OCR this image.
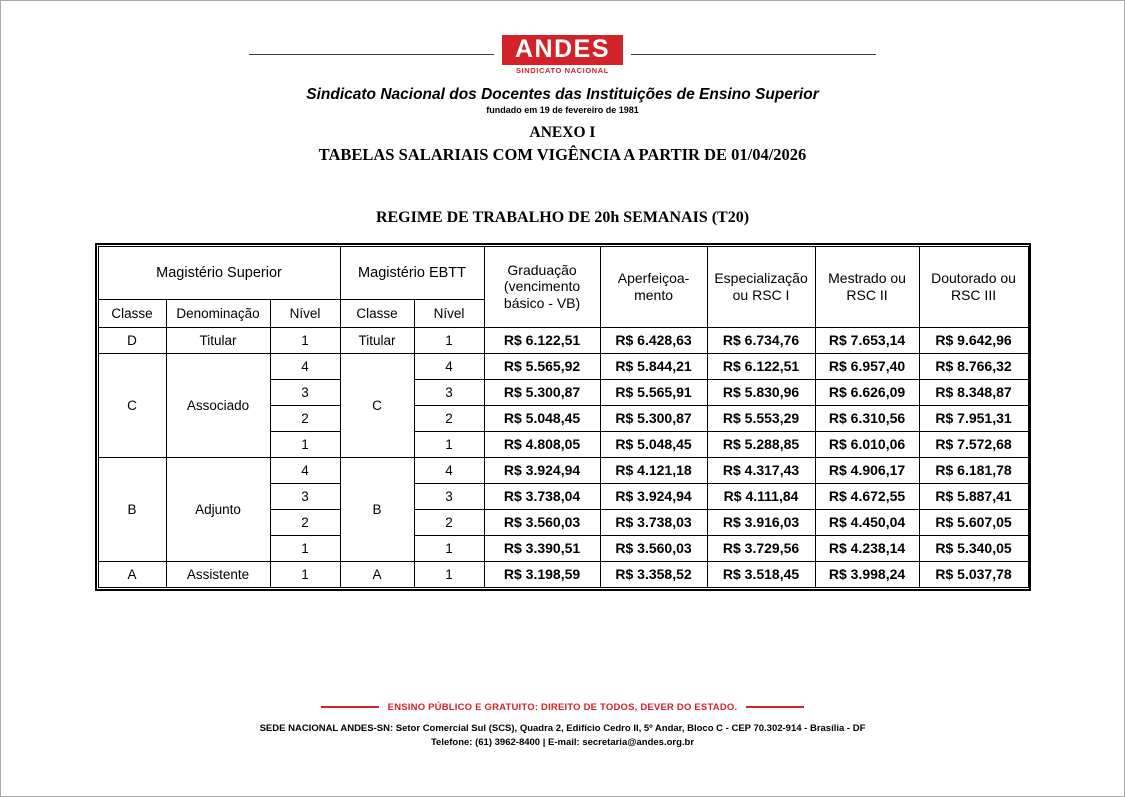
ANDES
SINDICATO NACIONAL
Sindicato Nacional dos Docentes das Instituições de Ensino Superior
fundado em 19 de fevereiro de 1981
ANEXO I
TABELAS SALARIAIS COM VIGÊNCIA A PARTIR DE 01/04/2026
REGIME DE TRABALHO DE 20h SEMANAIS (T20)
Magistério Superior			Magistério EBTT		Graduação (vencimento básico - VB)	Aperfeiçoa-mento	Especialização ou RSC I	Mestrado ou RSC II	Doutorado ou RSC III
Classe	Denominação	Nível	Classe	Nível					
D	Titular	1	Titular	1	R$ 6.122,51	R$ 6.428,63	R$ 6.734,76	R$ 7.653,14	R$ 9.642,96
C	Associado	4	C	4	R$ 5.565,92	R$ 5.844,21	R$ 6.122,51	R$ 6.957,40	R$ 8.766,32
		3		3	R$ 5.300,87	R$ 5.565,91	R$ 5.830,96	R$ 6.626,09	R$ 8.348,87
		2		2	R$ 5.048,45	R$ 5.300,87	R$ 5.553,29	R$ 6.310,56	R$ 7.951,31
		1		1	R$ 4.808,05	R$ 5.048,45	R$ 5.288,85	R$ 6.010,06	R$ 7.572,68
B	Adjunto	4	B	4	R$ 3.924,94	R$ 4.121,18	R$ 4.317,43	R$ 4.906,17	R$ 6.181,78
		3		3	R$ 3.738,04	R$ 3.924,94	R$ 4.111,84	R$ 4.672,55	R$ 5.887,41
		2		2	R$ 3.560,03	R$ 3.738,03	R$ 3.916,03	R$ 4.450,04	R$ 5.607,05
		1		1	R$ 3.390,51	R$ 3.560,03	R$ 3.729,56	R$ 4.238,14	R$ 5.340,05
A	Assistente	1	A	1	R$ 3.198,59	R$ 3.358,52	R$ 3.518,45	R$ 3.998,24	R$ 5.037,78
ENSINO PÚBLICO E GRATUITO: DIREITO DE TODOS, DEVER DO ESTADO.
SEDE NACIONAL ANDES-SN: Setor Comercial Sul (SCS), Quadra 2, Edifício Cedro II, 5º Andar, Bloco C - CEP 70.302-914 - Brasília - DF
Telefone: (61) 3962-8400 | E-mail: secretaria@andes.org.br
